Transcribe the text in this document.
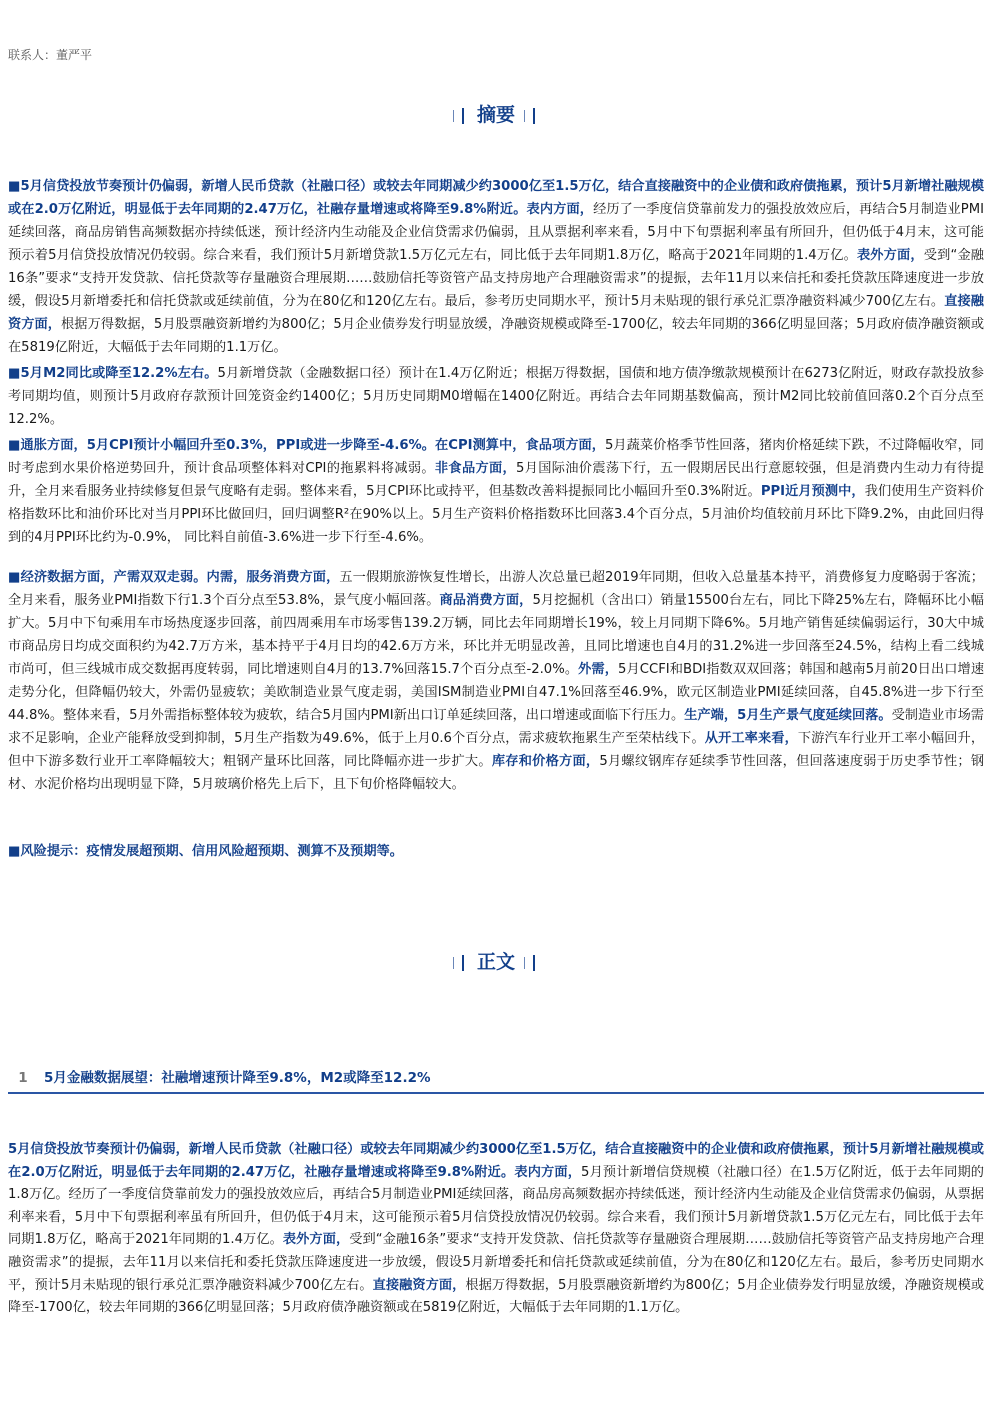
联系人：董严平
摘要
■5月信贷投放节奏预计仍偏弱，新增人民币贷款（社融口径）或较去年同期减少约3000亿至1.5万亿，结合直接融资中的企业债和政府债拖累，预计5月新增社融规模或在2.0万亿附近，明显低于去年同期的2.47万亿，社融存量增速或将降至9.8%附近。表内方面，经历了一季度信贷靠前发力的强投放效应后，再结合5月制造业PMI延续回落，商品房销售高频数据亦持续低迷，预计经济内生动能及企业信贷需求仍偏弱，且从票据利率来看，5月中下旬票据利率虽有所回升，但仍低于4月末，这可能预示着5月信贷投放情况仍较弱。综合来看，我们预计5月新增贷款1.5万亿元左右，同比低于去年同期1.8万亿，略高于2021年同期的1.4万亿。表外方面，受到“金融16条”要求“支持开发贷款、信托贷款等存量融资合理展期……鼓励信托等资管产品支持房地产合理融资需求”的提振，去年11月以来信托和委托贷款压降速度进一步放缓，假设5月新增委托和信托贷款或延续前值，分为在80亿和120亿左右。最后，参考历史同期水平，预计5月未贴现的银行承兑汇票净融资料减少700亿左右。直接融资方面，根据万得数据，5月股票融资新增约为800亿；5月企业债券发行明显放缓，净融资规模或降至-1700亿，较去年同期的366亿明显回落；5月政府债净融资额或在5819亿附近，大幅低于去年同期的1.1万亿。
■5月M2同比或降至12.2%左右。5月新增贷款（金融数据口径）预计在1.4万亿附近；根据万得数据，国债和地方债净缴款规模预计在6273亿附近，财政存款投放参考同期均值，则预计5月政府存款预计回笼资金约1400亿；5月历史同期M0增幅在1400亿附近。再结合去年同期基数偏高，预计M2同比较前值回落0.2个百分点至12.2%。
■通胀方面，5月CPI预计小幅回升至0.3%，PPI或进一步降至-4.6%。在CPI测算中，食品项方面，5月蔬菜价格季节性回落，猪肉价格延续下跌，不过降幅收窄，同时考虑到水果价格逆势回升，预计食品项整体料对CPI的拖累料将减弱。非食品方面，5月国际油价震荡下行，五一假期居民出行意愿较强，但是消费内生动力有待提升，全月来看服务业持续修复但景气度略有走弱。整体来看，5月CPI环比或持平，但基数改善料提振同比小幅回升至0.3%附近。PPI近月预测中，我们使用生产资料价格指数环比和油价环比对当月PPI环比做回归，回归调整R²在90%以上。5月生产资料价格指数环比回落3.4个百分点，5月油价均值较前月环比下降9.2%，由此回归得到的4月PPI环比约为-0.9%， 同比料自前值-3.6%进一步下行至-4.6%。
■经济数据方面，产需双双走弱。内需，服务消费方面，五一假期旅游恢复性增长，出游人次总量已超2019年同期，但收入总量基本持平，消费修复力度略弱于客流；全月来看，服务业PMI指数下行1.3个百分点至53.8%，景气度小幅回落。商品消费方面，5月挖掘机（含出口）销量15500台左右，同比下降25%左右，降幅环比小幅扩大。5月中下旬乘用车市场热度逐步回落，前四周乘用车市场零售139.2万辆，同比去年同期增长19%，较上月同期下降6%。5月地产销售延续偏弱运行，30大中城市商品房日均成交面积约为42.7万方米，基本持平于4月日均的42.6万方米，环比并无明显改善，且同比增速也自4月的31.2%进一步回落至24.5%，结构上看二线城市尚可，但三线城市成交数据再度转弱，同比增速则自4月的13.7%回落15.7个百分点至-2.0%。外需，5月CCFI和BDI指数双双回落；韩国和越南5月前20日出口增速走势分化，但降幅仍较大，外需仍显疲软；美欧制造业景气度走弱，美国ISM制造业PMI自47.1%回落至46.9%，欧元区制造业PMI延续回落，自45.8%进一步下行至44.8%。整体来看，5月外需指标整体较为疲软，结合5月国内PMI新出口订单延续回落，出口增速或面临下行压力。生产端，5月生产景气度延续回落。受制造业市场需求不足影响，企业产能释放受到抑制，5月生产指数为49.6%，低于上月0.6个百分点，需求疲软拖累生产至荣枯线下。从开工率来看，下游汽车行业开工率小幅回升，但中下游多数行业开工率降幅较大；粗钢产量环比回落，同比降幅亦进一步扩大。库存和价格方面，5月螺纹钢库存延续季节性回落，但回落速度弱于历史季节性；钢材、水泥价格均出现明显下降，5月玻璃价格先上后下，且下旬价格降幅较大。
■风险提示：疫情发展超预期、信用风险超预期、测算不及预期等。
正文
1 5月金融数据展望：社融增速预计降至9.8%，M2或降至12.2%
5月信贷投放节奏预计仍偏弱，新增人民币贷款（社融口径）或较去年同期减少约3000亿至1.5万亿，结合直接融资中的企业债和政府债拖累，预计5月新增社融规模或在2.0万亿附近，明显低于去年同期的2.47万亿，社融存量增速或将降至9.8%附近。表内方面，5月预计新增信贷规模（社融口径）在1.5万亿附近，低于去年同期的1.8万亿。经历了一季度信贷靠前发力的强投放效应后，再结合5月制造业PMI延续回落，商品房高频数据亦持续低迷，预计经济内生动能及企业信贷需求仍偏弱，从票据利率来看，5月中下旬票据利率虽有所回升，但仍低于4月末，这可能预示着5月信贷投放情况仍较弱。综合来看，我们预计5月新增贷款1.5万亿元左右，同比低于去年同期1.8万亿，略高于2021年同期的1.4万亿。表外方面，受到“金融16条”要求“支持开发贷款、信托贷款等存量融资合理展期……鼓励信托等资管产品支持房地产合理融资需求”的提振，去年11月以来信托和委托贷款压降速度进一步放缓，假设5月新增委托和信托贷款或延续前值，分为在80亿和120亿左右。最后，参考历史同期水平，预计5月未贴现的银行承兑汇票净融资料减少700亿左右。直接融资方面，根据万得数据，5月股票融资新增约为800亿；5月企业债券发行明显放缓，净融资规模或降至-1700亿，较去年同期的366亿明显回落；5月政府债净融资额或在5819亿附近，大幅低于去年同期的1.1万亿。
